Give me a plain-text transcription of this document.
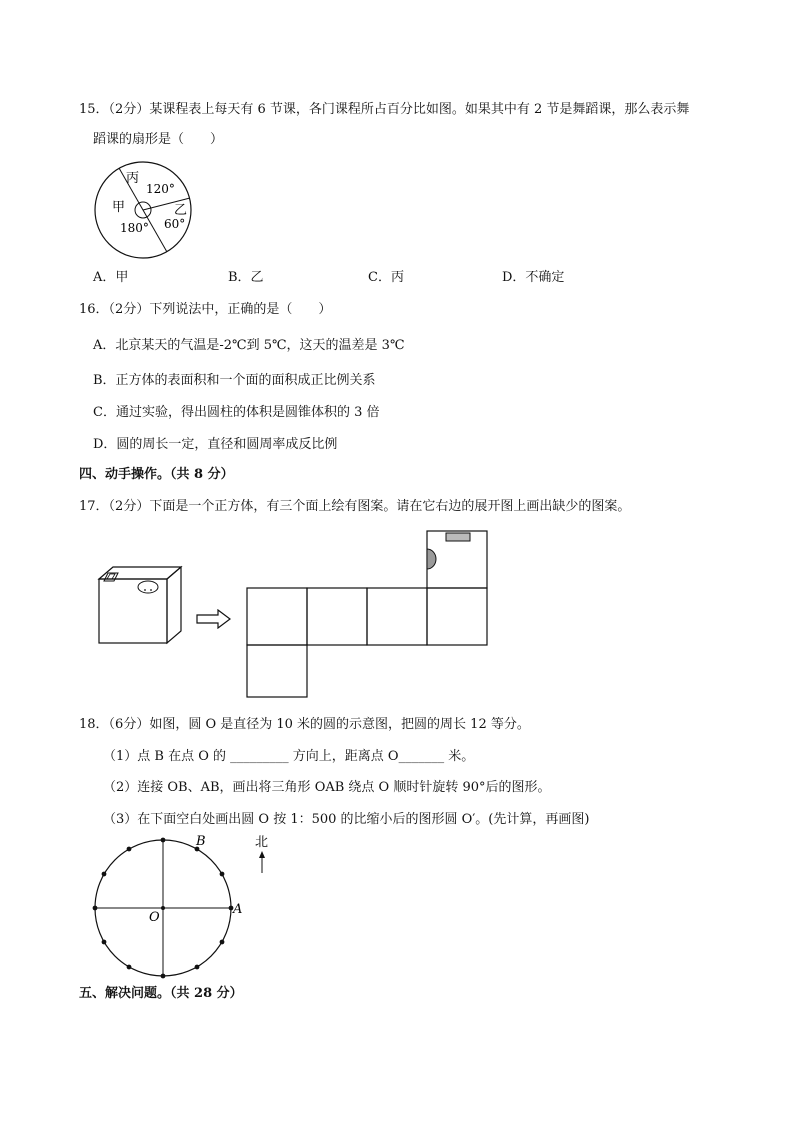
15．（2分）某课程表上每天有 6 节课，各门课程所占百分比如图。如果其中有 2 节是舞蹈课，那么表示舞
蹈课的扇形是（　　）
丙
120°
甲	乙
60°
180°
A．甲	B．乙	C．丙	D．不确定
16．（2分）下列说法中，正确的是（　　）
A．北京某天的气温是-2℃到 5℃，这天的温差是 3℃
B．正方体的表面积和一个面的面积成正比例关系
C．通过实验，得出圆柱的体积是圆锥体积的 3 倍
D．圆的周长一定，直径和圆周率成反比例
四、动手操作。（共 8 分）
17．（2分）下面是一个正方体，有三个面上绘有图案。请在它右边的展开图上画出缺少的图案。
18．（6分）如图，圆 O 是直径为 10 米的圆的示意图，把圆的周长 12 等分。
（1）点 B 在点 O 的 _________ 方向上，距离点 O_______ 米。
（2）连接 OB、AB，画出将三角形 OAB 绕点 O 顺时针旋转 90°后的图形。
（3）在下面空白处画出圆 O 按 1：500 的比缩小后的图形圆 O′。(先计算，再画图)
B
O
A
北
五、解决问题。（共 28 分）
